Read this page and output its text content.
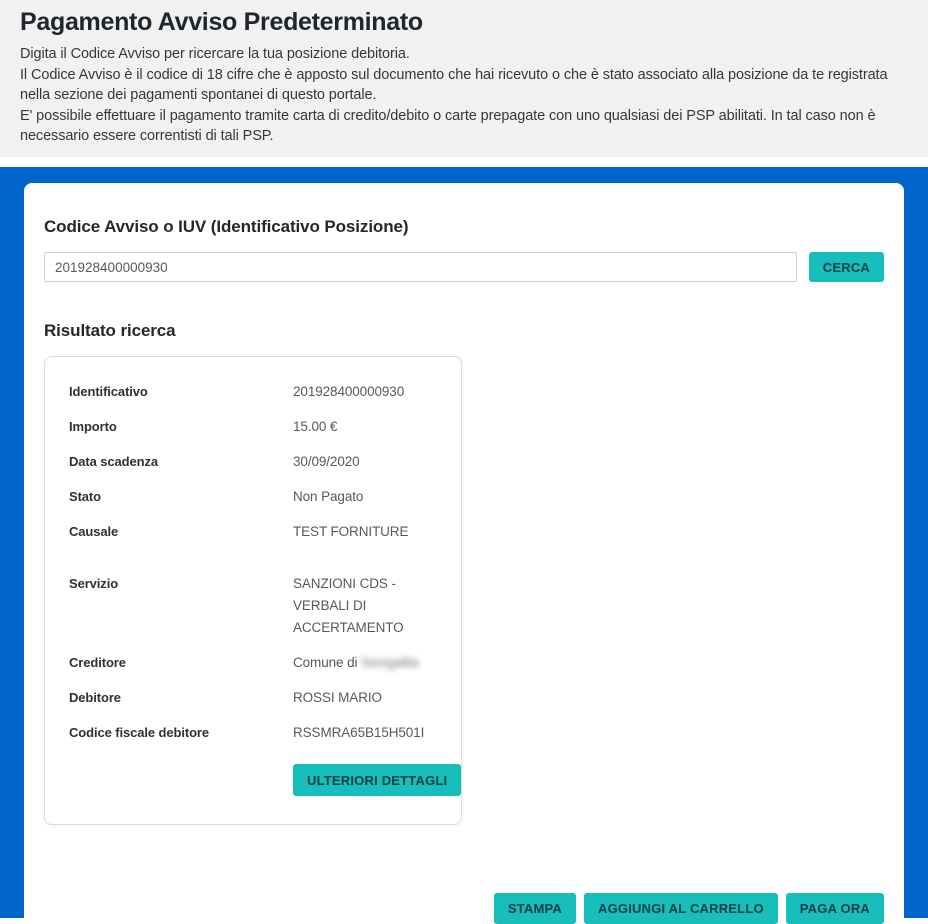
Pagamento Avviso Predeterminato

Digita il Codice Avviso per ricercare la tua posizione debitoria.

Il Codice Avviso è il codice di 18 cifre che è apposto sul documento che hai ricevuto o che è stato associato alla posizione da te registrata nella sezione dei pagamenti spontanei di questo portale.

E' possibile effettuare il pagamento tramite carta di credito/debito o carte prepagate con uno qualsiasi dei PSP abilitati. In tal caso non è necessario essere correntisti di tali PSP.

Codice Avviso o IUV (Identificativo Posizione)
201928400000930
CERCA
Risultato ricerca
Identificativo	201928400000930
Importo	15.00 €
Data scadenza	30/09/2020
Stato	Non Pagato
Causale	TEST FORNITURE
Servizio	SANZIONI CDS - VERBALI DI ACCERTAMENTO
Creditore	Comune di Senigallia
Debitore	ROSSI MARIO
Codice fiscale debitore	RSSMRA65B15H501I
ULTERIORI DETTAGLI
STAMPA	AGGIUNGI AL CARRELLO	PAGA ORA
